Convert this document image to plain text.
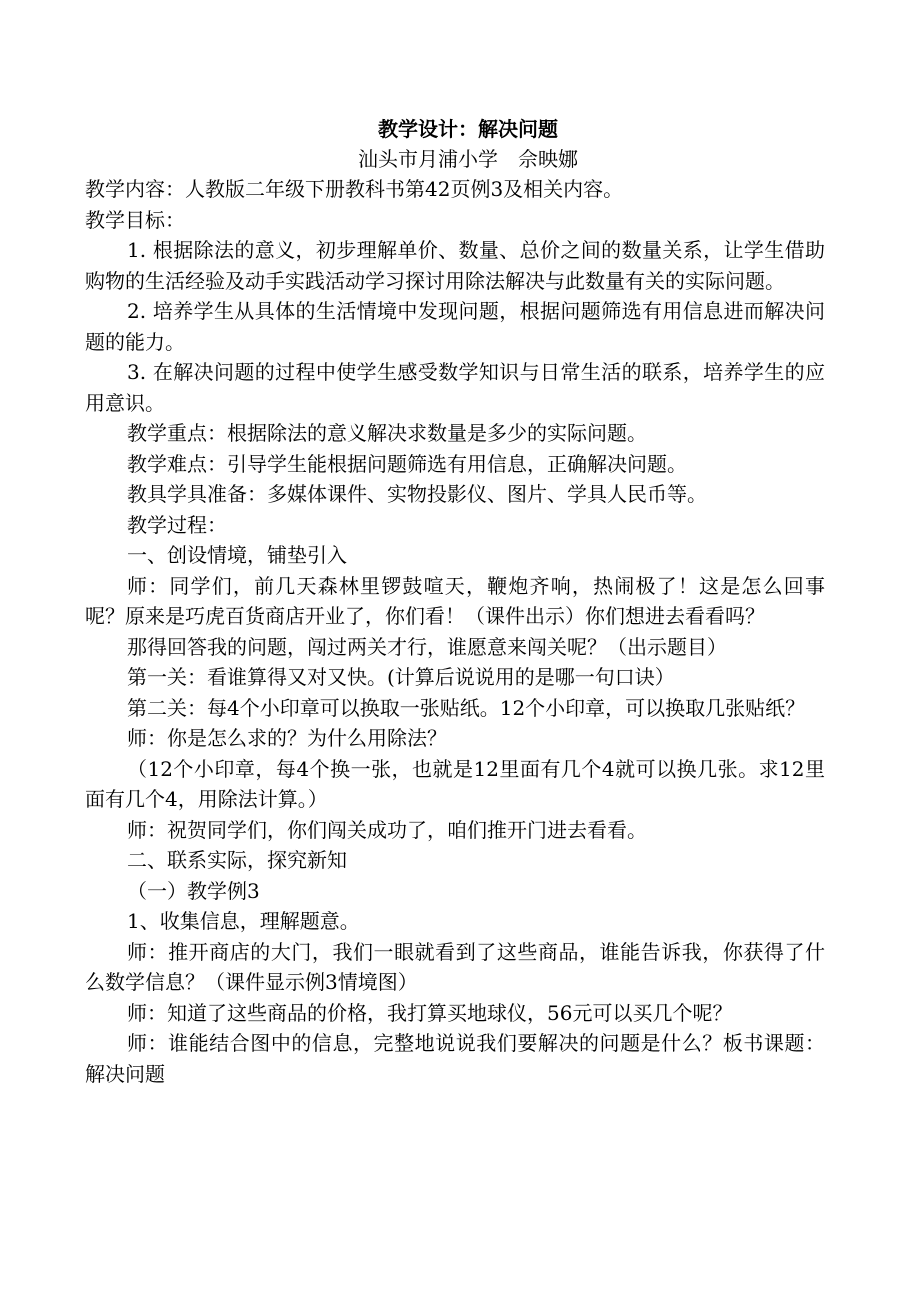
教学设计：解决问题
汕头市月浦小学　佘映娜

教学内容：人教版二年级下册教科书第42页例3及相关内容。

教学目标：

1. 根据除法的意义，初步理解单价、数量、总价之间的数量关系，让学生借助购物的生活经验及动手实践活动学习探讨用除法解决与此数量有关的实际问题。

2. 培养学生从具体的生活情境中发现问题，根据问题筛选有用信息进而解决问题的能力。

3. 在解决问题的过程中使学生感受数学知识与日常生活的联系，培养学生的应用意识。

教学重点：根据除法的意义解决求数量是多少的实际问题。

教学难点：引导学生能根据问题筛选有用信息，正确解决问题。

教具学具准备：多媒体课件、实物投影仪、图片、学具人民币等。

教学过程：

一、创设情境，铺垫引入

师：同学们，前几天森林里锣鼓喧天，鞭炮齐响，热闹极了！这是怎么回事呢？原来是巧虎百货商店开业了，你们看！（课件出示）你们想进去看看吗？

那得回答我的问题，闯过两关才行，谁愿意来闯关呢？（出示题目）

第一关：看谁算得又对又快。(计算后说说用的是哪一句口诀）

第二关：每4个小印章可以换取一张贴纸。12个小印章，可以换取几张贴纸？

师：你是怎么求的？为什么用除法？

（12个小印章，每4个换一张，也就是12里面有几个4就可以换几张。求12里面有几个4，用除法计算。）

师：祝贺同学们，你们闯关成功了，咱们推开门进去看看。

二、联系实际，探究新知

（一）教学例3

1、收集信息，理解题意。

师：推开商店的大门，我们一眼就看到了这些商品，谁能告诉我，你获得了什么数学信息？（课件显示例3情境图）

师：知道了这些商品的价格，我打算买地球仪，56元可以买几个呢？

师：谁能结合图中的信息，完整地说说我们要解决的问题是什么？板书课题：解决问题
